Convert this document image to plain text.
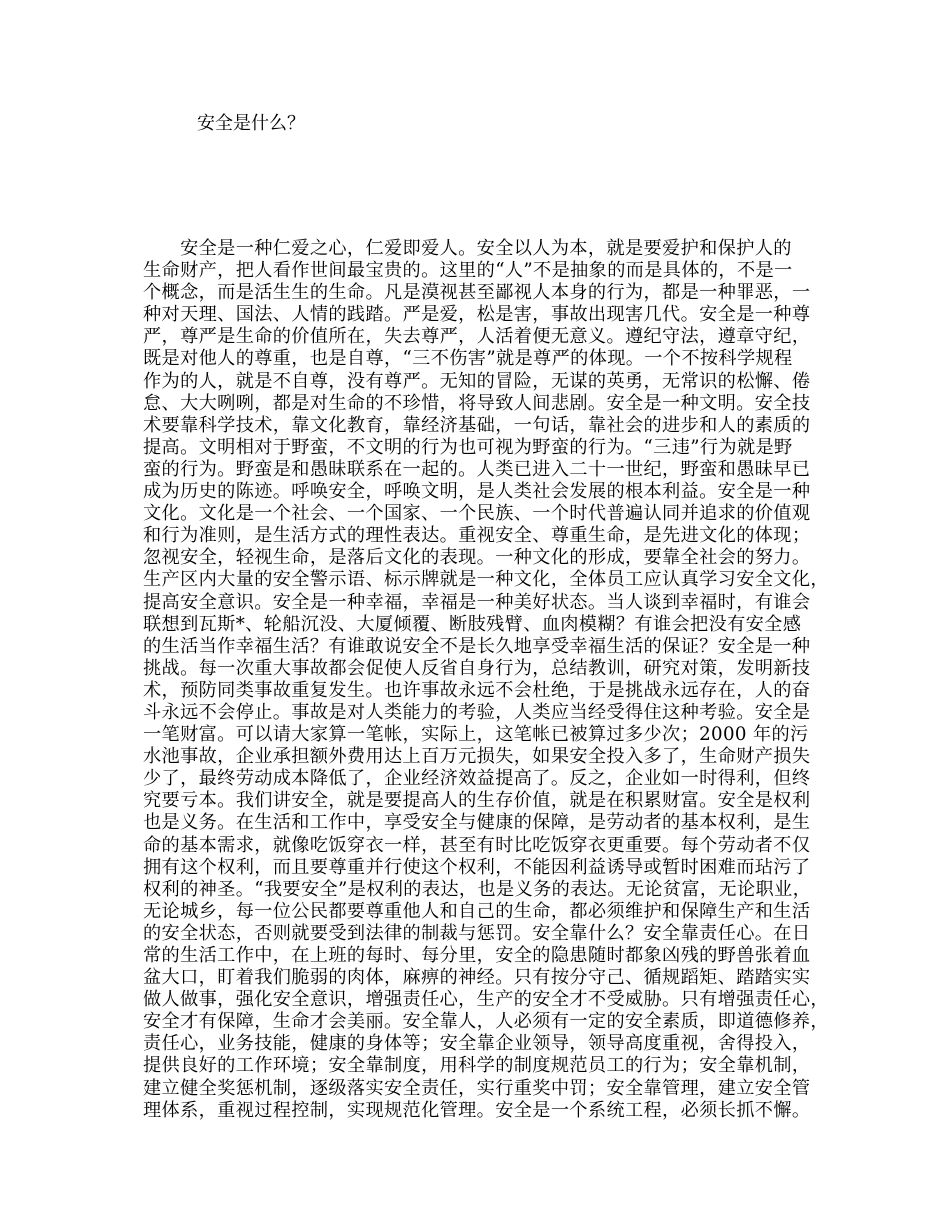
安全是什么？
　　安全是一种仁爱之心，仁爱即爱人。安全以人为本，就是要爱护和保护人的
生命财产，把人看作世间最宝贵的。这里的“人”不是抽象的而是具体的，不是一
个概念，而是活生生的生命。凡是漠视甚至鄙视人本身的行为，都是一种罪恶，一
种对天理、国法、人情的践踏。严是爱，松是害，事故出现害几代。安全是一种尊
严，尊严是生命的价值所在，失去尊严，人活着便无意义。遵纪守法，遵章守纪，
既是对他人的尊重，也是自尊，“三不伤害”就是尊严的体现。一个不按科学规程
作为的人，就是不自尊，没有尊严。无知的冒险，无谋的英勇，无常识的松懈、倦
怠、大大咧咧，都是对生命的不珍惜，将导致人间悲剧。安全是一种文明。安全技
术要靠科学技术，靠文化教育，靠经济基础，一句话，靠社会的进步和人的素质的
提高。文明相对于野蛮，不文明的行为也可视为野蛮的行为。“三违”行为就是野
蛮的行为。野蛮是和愚昧联系在一起的。人类已进入二十一世纪，野蛮和愚昧早已
成为历史的陈迹。呼唤安全，呼唤文明，是人类社会发展的根本利益。安全是一种
文化。文化是一个社会、一个国家、一个民族、一个时代普遍认同并追求的价值观
和行为准则，是生活方式的理性表达。重视安全、尊重生命，是先进文化的体现；
忽视安全，轻视生命，是落后文化的表现。一种文化的形成，要靠全社会的努力。
生产区内大量的安全警示语、标示牌就是一种文化，全体员工应认真学习安全文化，
提高安全意识。安全是一种幸福，幸福是一种美好状态。当人谈到幸福时，有谁会
联想到瓦斯*、轮船沉没、大厦倾覆、断肢残臂、血肉模糊？有谁会把没有安全感
的生活当作幸福生活？有谁敢说安全不是长久地享受幸福生活的保证？安全是一种
挑战。每一次重大事故都会促使人反省自身行为，总结教训，研究对策，发明新技
术，预防同类事故重复发生。也许事故永远不会杜绝，于是挑战永远存在，人的奋
斗永远不会停止。事故是对人类能力的考验，人类应当经受得住这种考验。安全是
一笔财富。可以请大家算一笔帐，实际上，这笔帐已被算过多少次；2000 年的污
水池事故，企业承担额外费用达上百万元损失，如果安全投入多了，生命财产损失
少了，最终劳动成本降低了，企业经济效益提高了。反之，企业如一时得利，但终
究要亏本。我们讲安全，就是要提高人的生存价值，就是在积累财富。安全是权利
也是义务。在生活和工作中，享受安全与健康的保障，是劳动者的基本权利，是生
命的基本需求，就像吃饭穿衣一样，甚至有时比吃饭穿衣更重要。每个劳动者不仅
拥有这个权利，而且要尊重并行使这个权利，不能因利益诱导或暂时困难而玷污了
权利的神圣。“我要安全”是权利的表达，也是义务的表达。无论贫富，无论职业，
无论城乡，每一位公民都要尊重他人和自己的生命，都必须维护和保障生产和生活
的安全状态，否则就要受到法律的制裁与惩罚。安全靠什么？安全靠责任心。在日
常的生活工作中，在上班的每时、每分里，安全的隐患随时都象凶残的野兽张着血
盆大口，盯着我们脆弱的肉体，麻痹的神经。只有按分守己、循规蹈矩、踏踏实实
做人做事，强化安全意识，增强责任心，生产的安全才不受威胁。只有增强责任心，
安全才有保障，生命才会美丽。安全靠人，人必须有一定的安全素质，即道德修养，
责任心，业务技能，健康的身体等；安全靠企业领导，领导高度重视，舍得投入，
提供良好的工作环境；安全靠制度，用科学的制度规范员工的行为；安全靠机制，
建立健全奖惩机制，逐级落实安全责任，实行重奖中罚；安全靠管理，建立安全管
理体系，重视过程控制，实现规范化管理。安全是一个系统工程，必须长抓不懈。
